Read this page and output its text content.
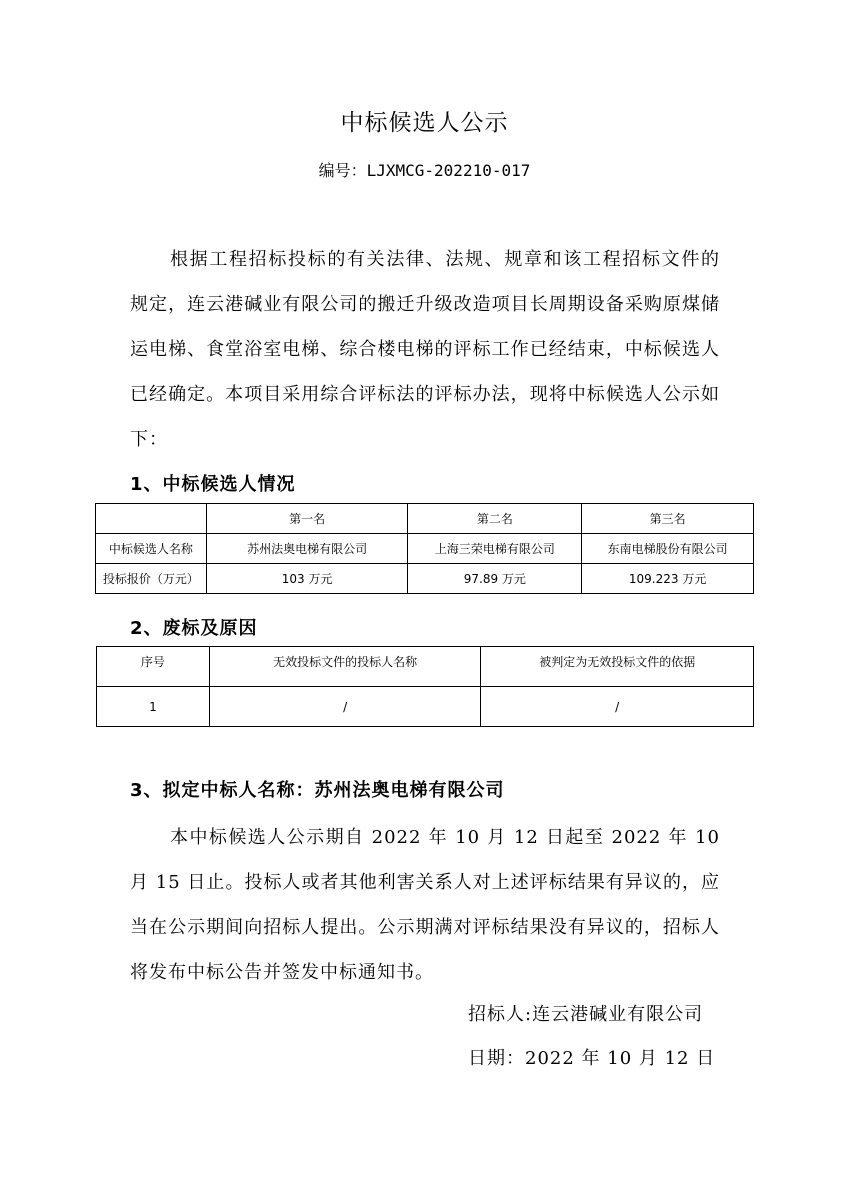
中标候选人公示
编号：LJXMCG-202210-017
根据工程招标投标的有关法律、法规、规章和该工程招标文件的规定，连云港碱业有限公司的搬迁升级改造项目长周期设备采购原煤储运电梯、食堂浴室电梯、综合楼电梯的评标工作已经结束，中标候选人已经确定。本项目采用综合评标法的评标办法，现将中标候选人公示如下：
1、中标候选人情况
	第一名	第二名	第三名
中标候选人名称	苏州法奥电梯有限公司	上海三荣电梯有限公司	东南电梯股份有限公司
投标报价（万元）	103 万元	97.89 万元	109.223 万元
2、废标及原因
序号	无效投标文件的投标人名称	被判定为无效投标文件的依据
1	/	/
3、拟定中标人名称：苏州法奥电梯有限公司
本中标候选人公示期自 2022 年 10 月 12 日起至 2022 年 10 月 15 日止。投标人或者其他利害关系人对上述评标结果有异议的，应当在公示期间向招标人提出。公示期满对评标结果没有异议的，招标人将发布中标公告并签发中标通知书。
招标人:连云港碱业有限公司
日期：2022 年 10 月 12 日
